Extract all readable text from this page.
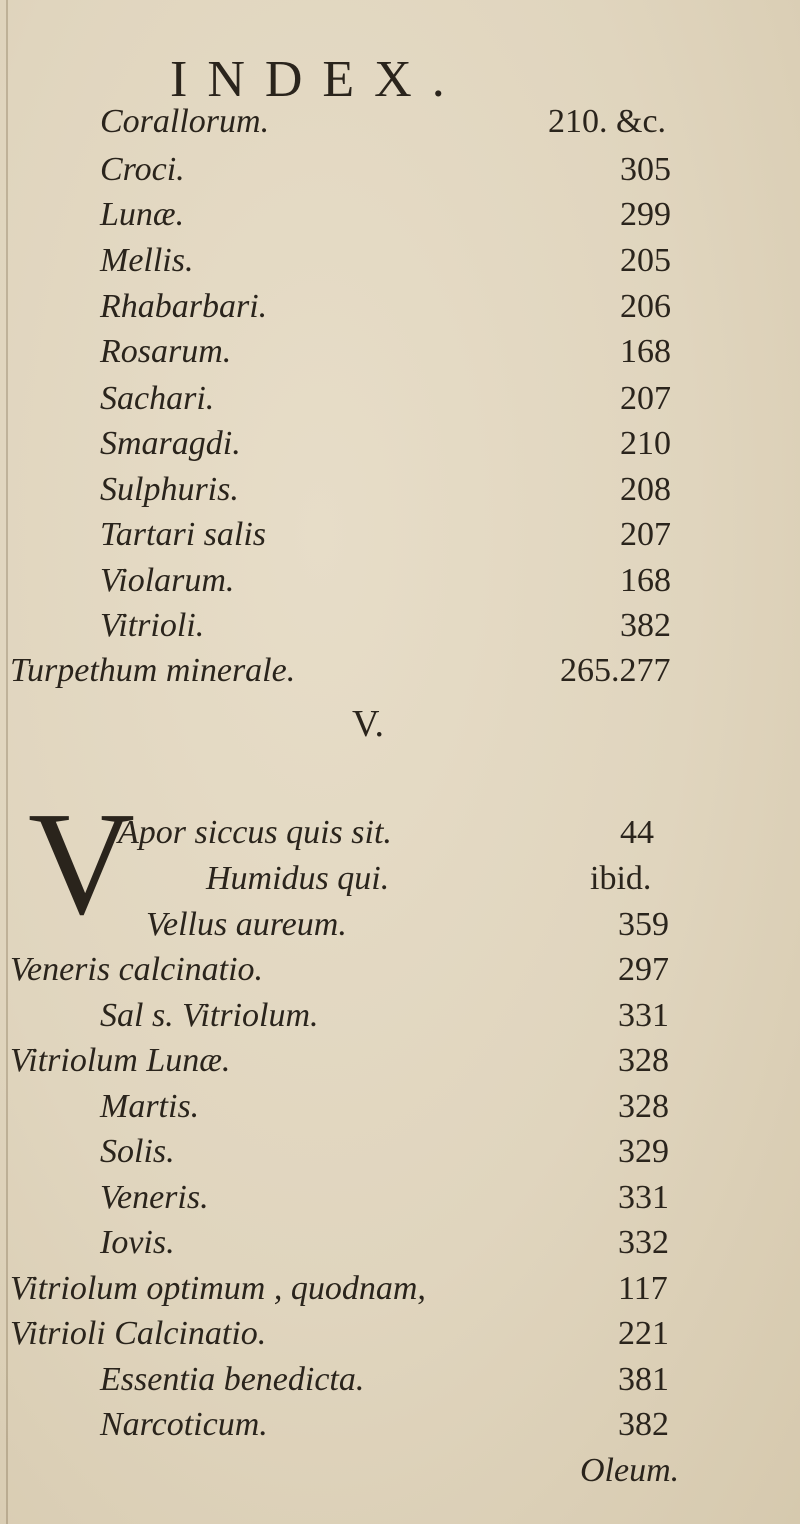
INDEX.
Corallorum.
Croci.
Lunæ.
Mellis.
Rhabarbari.
Rosarum.
Sachari.
Smaragdi.
Sulphuris.
Tartari salis
Violarum.
Vitrioli.
Turpethum minerale.
210. &c.
305
299
205
206
168
207
210
208
207
168
382
265.277
V.
V
Apor siccus quis sit.
Humidus qui.
Vellus aureum.
Veneris calcinatio.
Sal s. Vitriolum.
Vitriolum Lunæ.
Martis.
Solis.
Veneris.
Iovis.
Vitriolum optimum , quodnam,
Vitrioli Calcinatio.
Essentia benedicta.
Narcoticum.
44
ibid.
359
297
331
328
328
329
331
332
117
221
381
382
Oleum.
